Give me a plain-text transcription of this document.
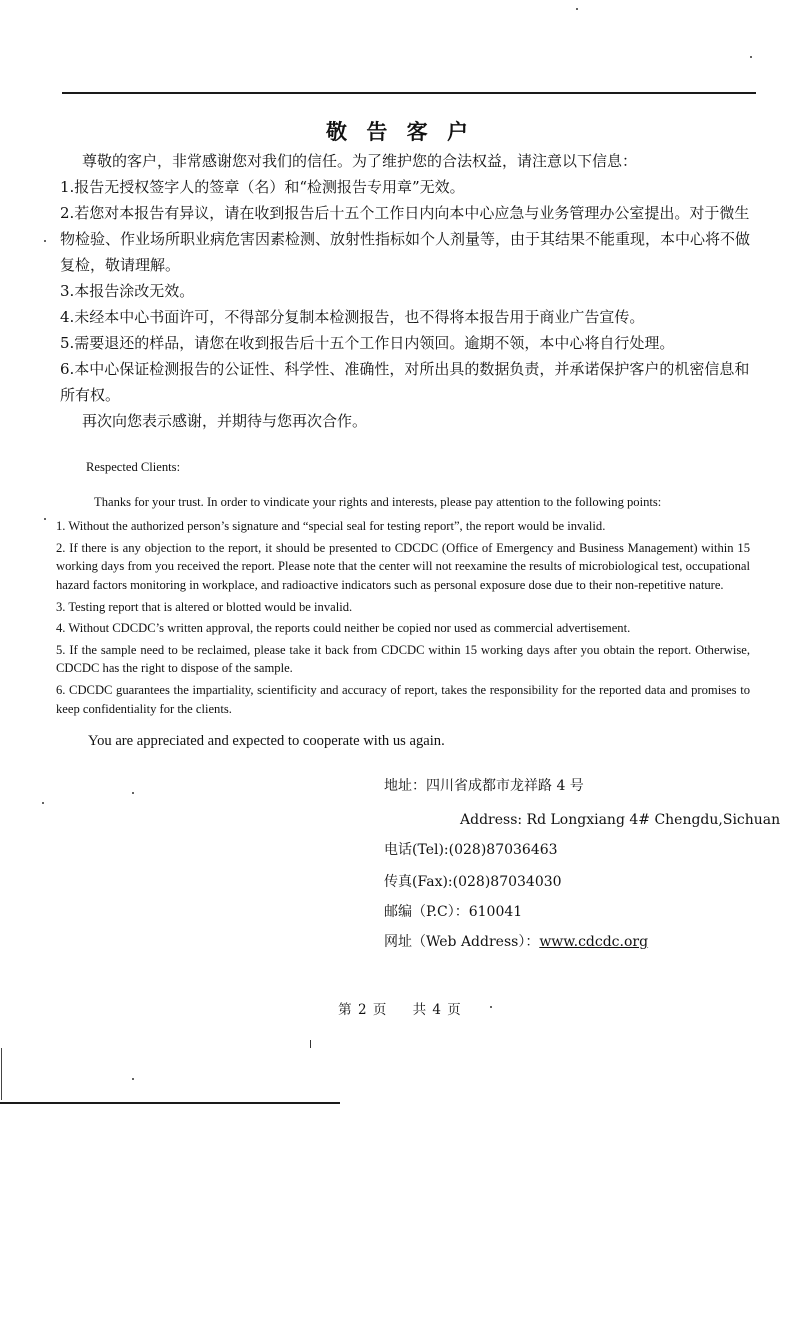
敬 告 客 户

尊敬的客户，非常感谢您对我们的信任。为了维护您的合法权益，请注意以下信息：

1.报告无授权签字人的签章（名）和“检测报告专用章”无效。

2.若您对本报告有异议，请在收到报告后十五个工作日内向本中心应急与业务管理办公室提出。对于微生物检验、作业场所职业病危害因素检测、放射性指标如个人剂量等，由于其结果不能重现，本中心将不做复检，敬请理解。

3.本报告涂改无效。

4.未经本中心书面许可，不得部分复制本检测报告，也不得将本报告用于商业广告宣传。

5.需要退还的样品，请您在收到报告后十五个工作日内领回。逾期不领，本中心将自行处理。

6.本中心保证检测报告的公证性、科学性、准确性，对所出具的数据负责，并承诺保护客户的机密信息和所有权。

再次向您表示感谢，并期待与您再次合作。

Respected Clients:

Thanks for your trust. In order to vindicate your rights and interests, please pay attention to the following points:

1. Without the authorized person’s signature and “special seal for testing report”, the report would be invalid.

2. If there is any objection to the report, it should be presented to CDCDC (Office of Emergency and Business Management) within 15 working days from you received the report. Please note that the center will not reexamine the results of microbiological test, occupational hazard factors monitoring in workplace, and radioactive indicators such as personal exposure dose due to their non-repetitive nature.

3. Testing report that is altered or blotted would be invalid.

4. Without CDCDC’s written approval, the reports could neither be copied nor used as commercial advertisement.

5. If the sample need to be reclaimed, please take it back from CDCDC within 15 working days after you obtain the report. Otherwise, CDCDC has the right to dispose of the sample.

6. CDCDC guarantees the impartiality, scientificity and accuracy of report, takes the responsibility for the reported data and promises to keep confidentiality for the clients.

You are appreciated and expected to cooperate with us again.

地址：四川省成都市龙祥路 4 号
Address: Rd Longxiang 4# Chengdu,Sichuan
电话(Tel):(028)87036463
传真(Fax):(028)87034030
邮编（P.C）：610041
网址（Web Address）：www.cdcdc.org
第 2 页 共 4 页
